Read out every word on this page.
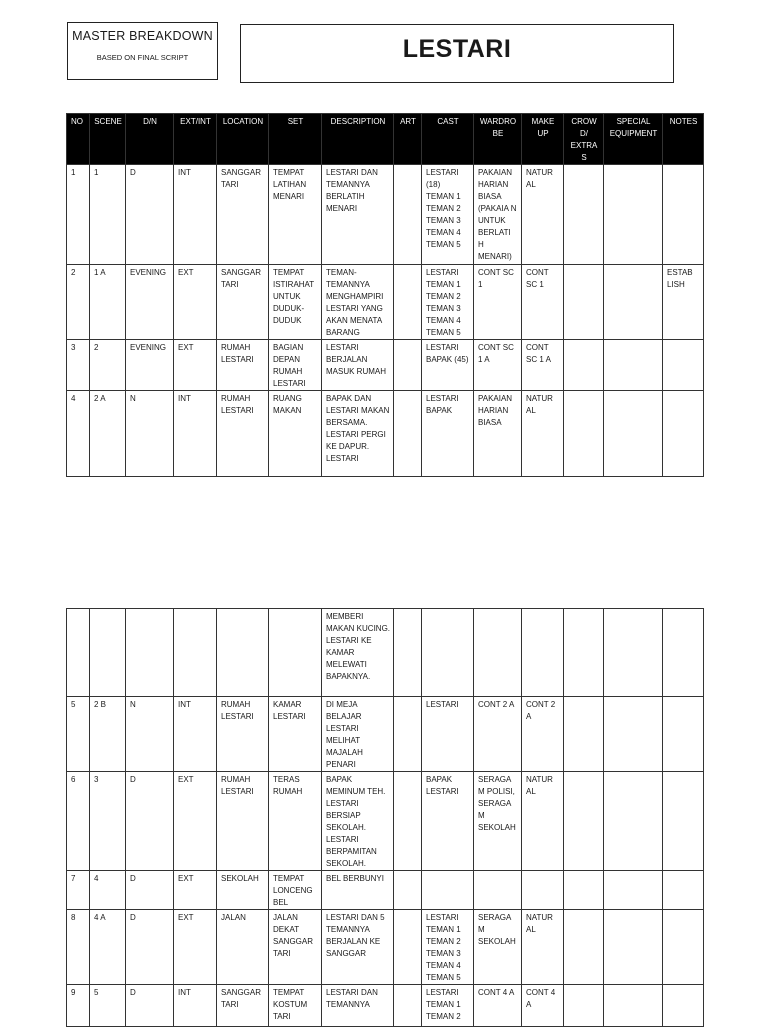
MASTER BREAKDOWN
BASED ON FINAL SCRIPT	LESTARI
NO	SCENE	D/N	EXT/INT	LOCATION	SET	DESCRIPTION	ART	CAST	WARDRO BE	MAKE UP	CROW D/ EXTRA S	SPECIAL EQUIPMENT	NOTES
1	1	D	INT	SANGGAR TARI	TEMPAT LATIHAN MENARI	LESTARI DAN TEMANNYA BERLATIH MENARI		LESTARI (18) TEMAN 1 TEMAN 2 TEMAN 3 TEMAN 4 TEMAN 5	PAKAIAN HARIAN BIASA (PAKAIA N UNTUK BERLATI H MENARI)	NATUR AL			
2	1 A	EVENING	EXT	SANGGAR TARI	TEMPAT ISTIRAHAT UNTUK DUDUK-DUDUK	TEMAN-TEMANNYA MENGHAMPIRI LESTARI YANG AKAN MENATA BARANG		LESTARI TEMAN 1 TEMAN 2 TEMAN 3 TEMAN 4 TEMAN 5	CONT SC 1	CONT SC 1			ESTAB LISH
3	2	EVENING	EXT	RUMAH LESTARI	BAGIAN DEPAN RUMAH LESTARI	LESTARI BERJALAN MASUK RUMAH		LESTARI BAPAK (45)	CONT SC 1 A	CONT SC 1 A			
4	2 A	N	INT	RUMAH LESTARI	RUANG MAKAN	BAPAK DAN LESTARI MAKAN BERSAMA. LESTARI PERGI KE DAPUR. LESTARI		LESTARI BAPAK	PAKAIAN HARIAN BIASA	NATUR AL			
						MEMBERI MAKAN KUCING. LESTARI KE KAMAR MELEWATI BAPAKNYA.							
5	2 B	N	INT	RUMAH LESTARI	KAMAR LESTARI	DI MEJA BELAJAR LESTARI MELIHAT MAJALAH PENARI		LESTARI	CONT 2 A	CONT 2 A			
6	3	D	EXT	RUMAH LESTARI	TERAS RUMAH	BAPAK MEMINUM TEH. LESTARI BERSIAP SEKOLAH. LESTARI BERPAMITAN SEKOLAH.		BAPAK LESTARI	SERAGA M POLISI, SERAGA M SEKOLAH	NATUR AL			
7	4	D	EXT	SEKOLAH	TEMPAT LONCENG BEL	BEL BERBUNYI							
8	4 A	D	EXT	JALAN	JALAN DEKAT SANGGAR TARI	LESTARI DAN 5 TEMANNYA BERJALAN KE SANGGAR		LESTARI TEMAN 1 TEMAN 2 TEMAN 3 TEMAN 4 TEMAN 5	SERAGA M SEKOLAH	NATUR AL			
9	5	D	INT	SANGGAR TARI	TEMPAT KOSTUM TARI	LESTARI DAN TEMANNYA		LESTARI TEMAN 1 TEMAN 2	CONT 4 A	CONT 4 A			
